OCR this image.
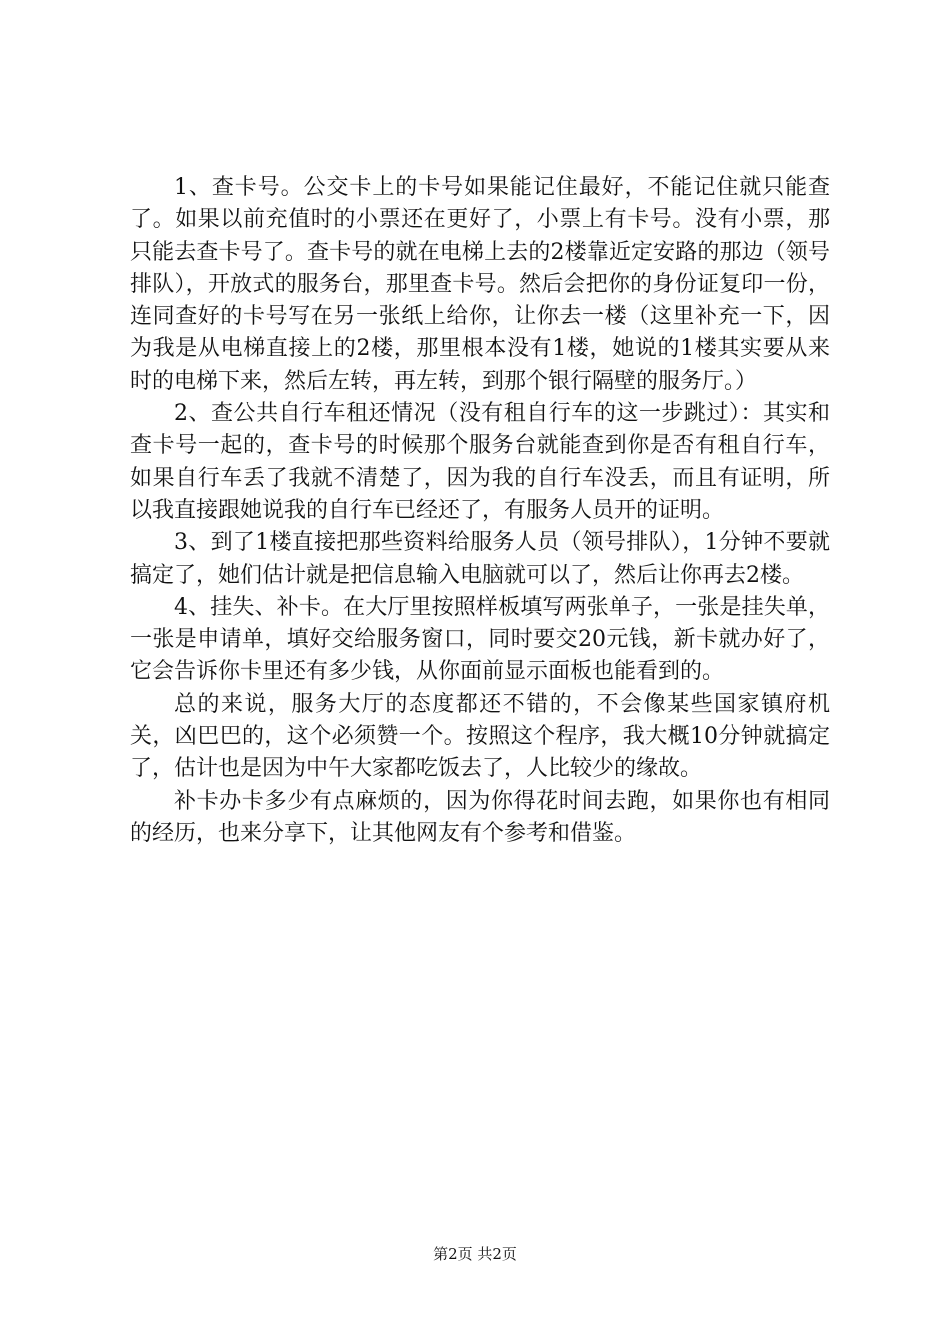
1、查卡号。公交卡上的卡号如果能记住最好，不能记住就只能查了。如果以前充值时的小票还在更好了，小票上有卡号。没有小票，那只能去查卡号了。查卡号的就在电梯上去的2楼靠近定安路的那边（领号排队），开放式的服务台，那里查卡号。然后会把你的身份证复印一份，连同查好的卡号写在另一张纸上给你，让你去一楼（这里补充一下，因为我是从电梯直接上的2楼，那里根本没有1楼，她说的1楼其实要从来时的电梯下来，然后左转，再左转，到那个银行隔壁的服务厅。）

2、查公共自行车租还情况（没有租自行车的这一步跳过）：其实和查卡号一起的，查卡号的时候那个服务台就能查到你是否有租自行车，如果自行车丢了我就不清楚了，因为我的自行车没丢，而且有证明，所以我直接跟她说我的自行车已经还了，有服务人员开的证明。

3、到了1楼直接把那些资料给服务人员（领号排队），1分钟不要就搞定了，她们估计就是把信息输入电脑就可以了，然后让你再去2楼。

4、挂失、补卡。在大厅里按照样板填写两张单子，一张是挂失单，一张是申请单，填好交给服务窗口，同时要交20元钱，新卡就办好了，它会告诉你卡里还有多少钱，从你面前显示面板也能看到的。

总的来说，服务大厅的态度都还不错的，不会像某些国家镇府机关，凶巴巴的，这个必须赞一个。按照这个程序，我大概10分钟就搞定了，估计也是因为中午大家都吃饭去了，人比较少的缘故。

补卡办卡多少有点麻烦的，因为你得花时间去跑，如果你也有相同的经历，也来分享下，让其他网友有个参考和借鉴。

第2页 共2页
